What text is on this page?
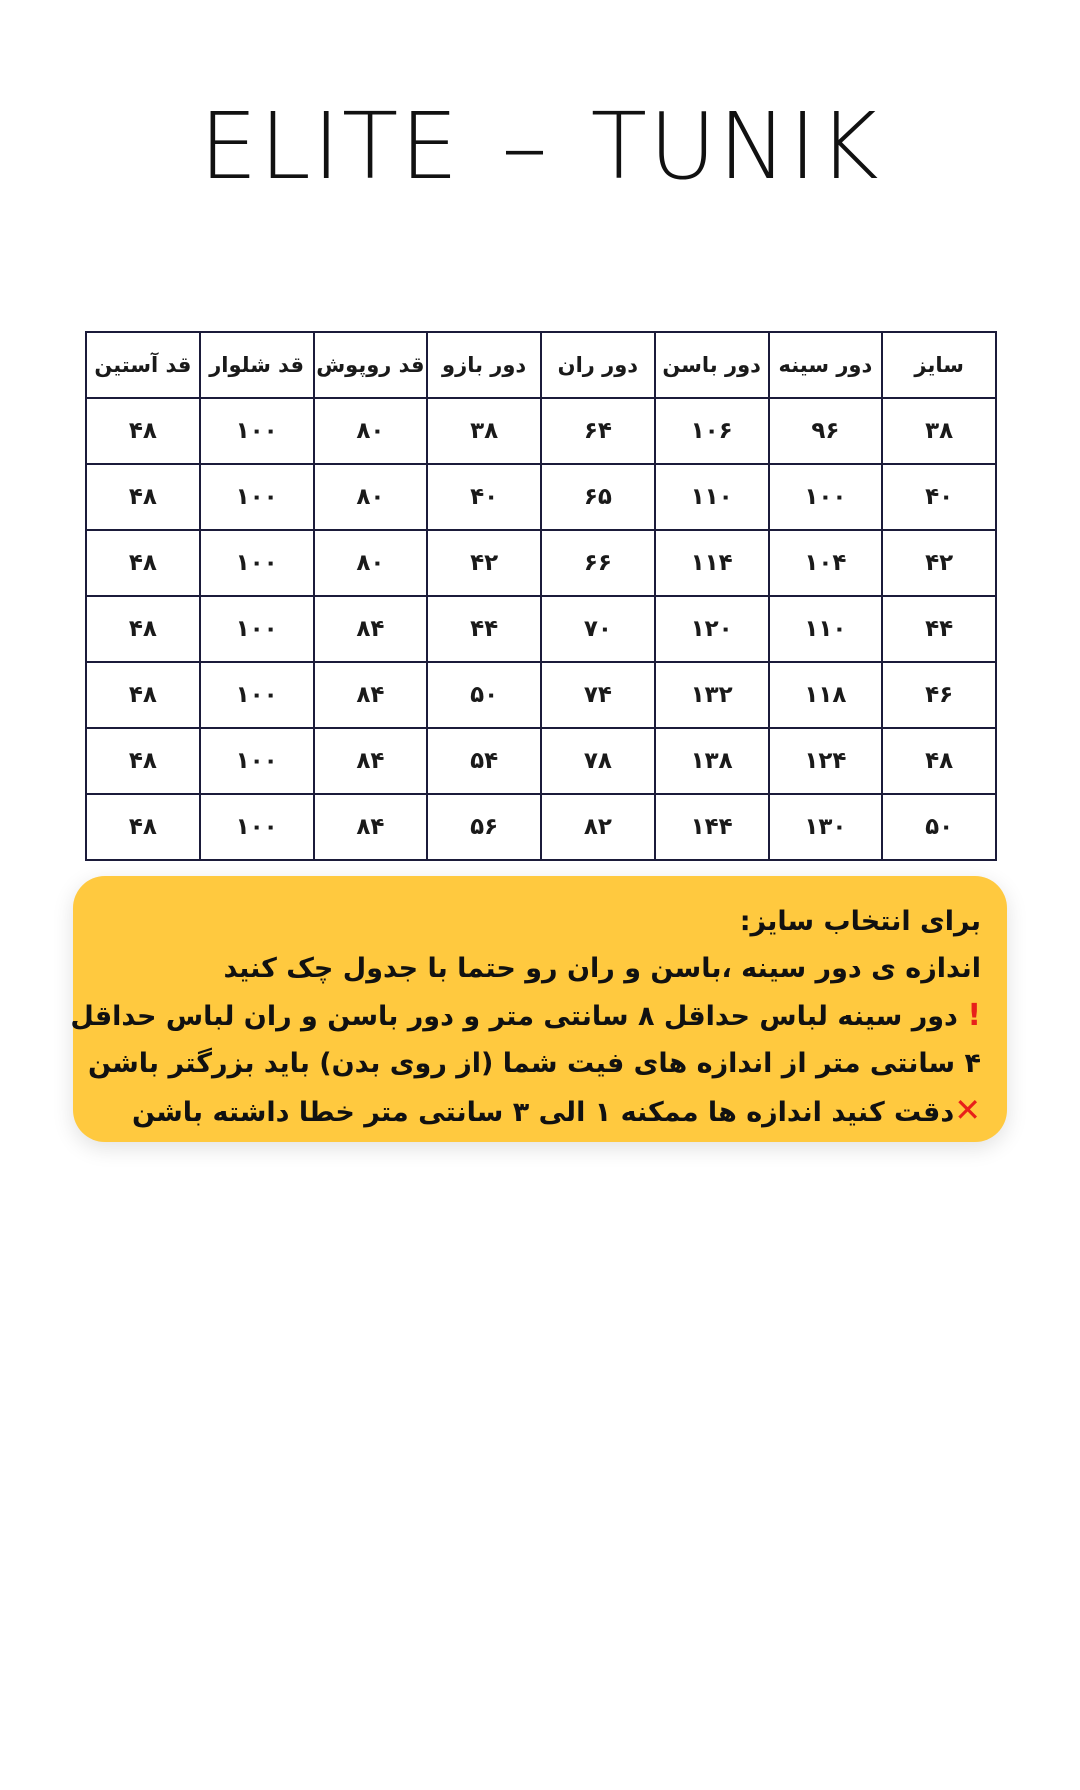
ELITE – TUNIK
سایز	دور سینه	دور باسن	دور ران	دور بازو	قد روپوش	قد شلوار	قد آستین
۳۸	۹۶	۱۰۶	۶۴	۳۸	۸۰	۱۰۰	۴۸
۴۰	۱۰۰	۱۱۰	۶۵	۴۰	۸۰	۱۰۰	۴۸
۴۲	۱۰۴	۱۱۴	۶۶	۴۲	۸۰	۱۰۰	۴۸
۴۴	۱۱۰	۱۲۰	۷۰	۴۴	۸۴	۱۰۰	۴۸
۴۶	۱۱۸	۱۳۲	۷۴	۵۰	۸۴	۱۰۰	۴۸
۴۸	۱۲۴	۱۳۸	۷۸	۵۴	۸۴	۱۰۰	۴۸
۵۰	۱۳۰	۱۴۴	۸۲	۵۶	۸۴	۱۰۰	۴۸
برای انتخاب سایز:
اندازه ی دور سینه ،باسن و ران رو حتما با جدول چک کنید
! دور سینه لباس حداقل ۸ سانتی متر و دور باسن و ران لباس حداقل
۴ سانتی متر از اندازه های فیت شما (از روی بدن) باید بزرگتر باشن
✕دقت کنید اندازه ها ممکنه ۱ الی ۳ سانتی متر خطا داشته باشن
